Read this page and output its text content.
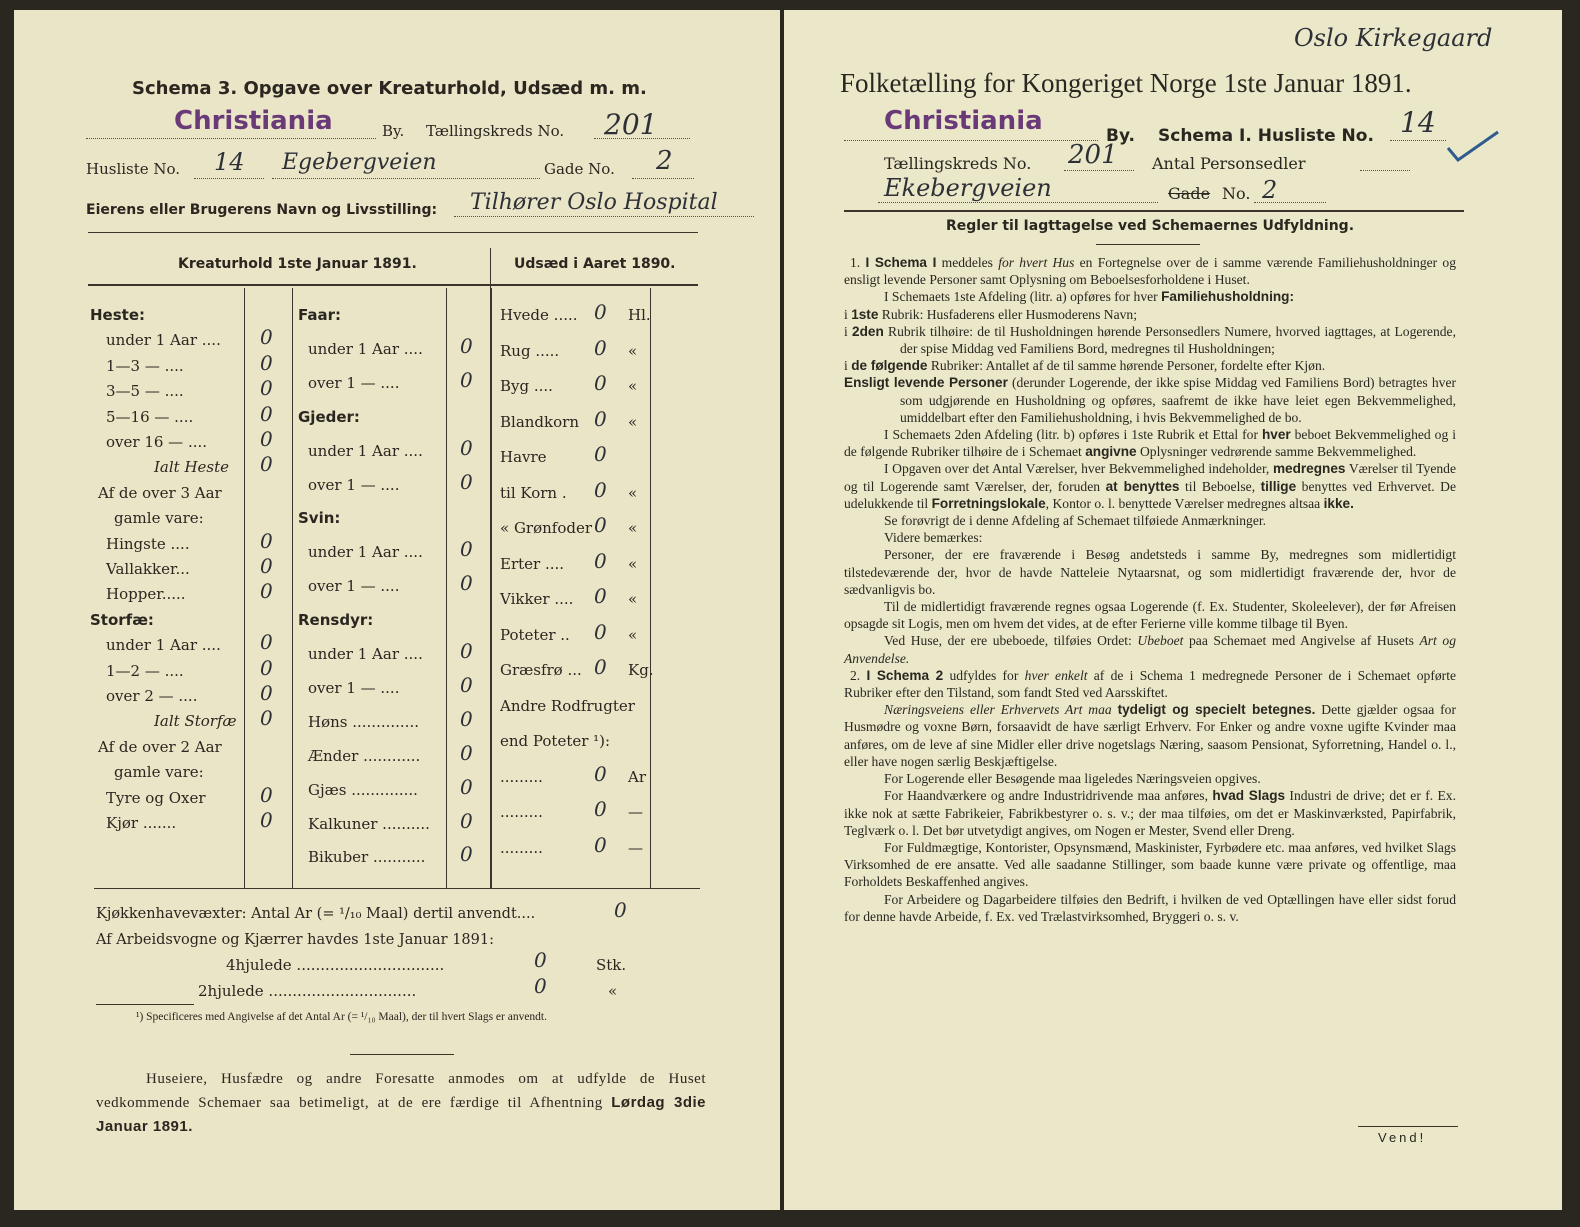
Schema 3. Opgave over Kreaturhold, Udsæd m. m.
Christiania	By. Tællingskreds No. 201
Husliste No. 14 Egebergveien	Gade No. 2
Eierens eller Brugerens Navn og Livsstilling: Tilhører Oslo Hospital
Kreaturhold 1ste Januar 1891.	Udsæd i Aaret 1890.
Heste:
under 1 Aar .... 0
1—3 — ....	0
3—5 — ....	0
5—16 — ....	0
over 16 — ....	0
Ialt Heste 0
Af de over 3 Aar
gamle vare:
Hingste ....	0
Vallakker...	0
Hopper.....	0
Storfæ:
under 1 Aar .... 0
1—2 — ....	0
over 2 — ....	0
Ialt Storfæ 0
Af de over 2 Aar
gamle vare:
Tyre og Oxer	0
Kjør .......	0
Faar:
under 1 Aar .... 0
over 1 — ....	0
Gjeder:
under 1 Aar .... 0
over 1 — ....	0
Svin:
under 1 Aar .... 0
over 1 — ....	0
Rensdyr:
under 1 Aar .... 0
over 1 — ....	0
Høns .............. 0
Ænder ............ 0
Gjæs .............. 0
Kalkuner .......... 0
Bikuber ........... 0
Hvede ..... 0 Hl.
Rug ..... 0 «
Byg .... 0 «
Blandkorn 0 «
Havre 0
til Korn . 0 «
« Grønfoder 0 «
Erter .... 0 «
Vikker .... 0 «
Poteter .. 0 «
Græsfrø ... 0 Kg.
Andre Rodfrugter
end Poteter ¹):
.........	0 Ar
.........	0 —
.........	0 —
Kjøkkenhavevæxter: Antal Ar (= ¹/₁₀ Maal) dertil anvendt....	0
Af Arbeidsvogne og Kjærrer havdes 1ste Januar 1891:
4hjulede ...............................	0	Stk.
2hjulede ...............................	0	«
¹) Specificeres med Angivelse af det Antal Ar (= ¹/₁₀ Maal), der til hvert Slags er anvendt.
Huseiere, Husfædre og andre Foresatte anmodes om at udfylde de Huset vedkommende Schemaer saa betimeligt, at de ere færdige til Afhentning Lørdag 3die Januar 1891.
Oslo Kirkegaard
Folketælling for Kongeriget Norge 1ste Januar 1891.
Christiania	By. Schema I. Husliste No. 14
Tællingskreds No. 201 Antal Personsedler
Ekebergveien	Gade No. 2
Regler til Iagttagelse ved Schemaernes Udfyldning.
1. I Schema I meddeles for hvert Hus en Fortegnelse over de i samme værende Familiehusholdninger og ensligt levende Personer samt Oplysning om Beboelsesforholdene i Huset.
I Schemaets 1ste Afdeling (litr. a) opføres for hver Familiehusholdning:
i 1ste Rubrik: Husfaderens eller Husmoderens Navn;
i 2den Rubrik tilhøire: de til Husholdningen hørende Personsedlers Numere, hvorved iagttages, at Logerende, der spise Middag ved Familiens Bord, medregnes til Husholdningen;
i de følgende Rubriker: Antallet af de til samme hørende Personer, fordelte efter Kjøn.
Ensligt levende Personer (derunder Logerende, der ikke spise Middag ved Familiens Bord) betragtes hver som udgjørende en Husholdning og opføres, saafremt de ikke have leiet egen Bekvemmelighed, umiddelbart efter den Familiehusholdning, i hvis Bekvemmelighed de bo.
I Schemaets 2den Afdeling (litr. b) opføres i 1ste Rubrik et Ettal for hver beboet Bekvemmelighed og i de følgende Rubriker tilhøire de i Schemaet angivne Oplysninger vedrørende samme Bekvemmelighed.
I Opgaven over det Antal Værelser, hver Bekvemmelighed indeholder, medregnes Værelser til Tyende og til Logerende samt Værelser, der, foruden at benyttes til Beboelse, tillige benyttes ved Erhvervet. De udelukkende til Forretningslokale, Kontor o. l. benyttede Værelser medregnes altsaa ikke.
Se forøvrigt de i denne Afdeling af Schemaet tilføiede Anmærkninger.
Videre bemærkes:
Personer, der ere fraværende i Besøg andetsteds i samme By, medregnes som midlertidigt tilstedeværende der, hvor de havde Natteleie Nytaarsnat, og som midlertidigt fraværende der, hvor de sædvanligvis bo.
Til de midlertidigt fraværende regnes ogsaa Logerende (f. Ex. Studenter, Skoleelever), der før Afreisen opsagde sit Logis, men om hvem det vides, at de efter Ferierne ville komme tilbage til Byen.
Ved Huse, der ere ubeboede, tilføies Ordet: Ubeboet paa Schemaet med Angivelse af Husets Art og Anvendelse.
2. I Schema 2 udfyldes for hver enkelt af de i Schema 1 medregnede Personer de i Schemaet opførte Rubriker efter den Tilstand, som fandt Sted ved Aarsskiftet.
Næringsveiens eller Erhvervets Art maa tydeligt og specielt betegnes. Dette gjælder ogsaa for Husmødre og voxne Børn, forsaavidt de have særligt Erhverv. For Enker og andre voxne ugifte Kvinder maa anføres, om de leve af sine Midler eller drive nogetslags Næring, saasom Pensionat, Syforretning, Handel o. l., eller have nogen særlig Beskjæftigelse.
For Logerende eller Besøgende maa ligeledes Næringsveien opgives.
For Haandværkere og andre Industridrivende maa anføres, hvad Slags Industri de drive; det er f. Ex. ikke nok at sætte Fabrikeier, Fabrikbestyrer o. s. v.; der maa tilføies, om det er Maskinværksted, Papirfabrik, Teglværk o. l. Det bør utvetydigt angives, om Nogen er Mester, Svend eller Dreng.
For Fuldmægtige, Kontorister, Opsynsmænd, Maskinister, Fyrbødere etc. maa anføres, ved hvilket Slags Virksomhed de ere ansatte. Ved alle saadanne Stillinger, som baade kunne være private og offentlige, maa Forholdets Beskaffenhed angives.
For Arbeidere og Dagarbeidere tilføies den Bedrift, i hvilken de ved Optællingen have eller sidst forud for denne havde Arbeide, f. Ex. ved Trælastvirksomhed, Bryggeri o. s. v.
Vend!
